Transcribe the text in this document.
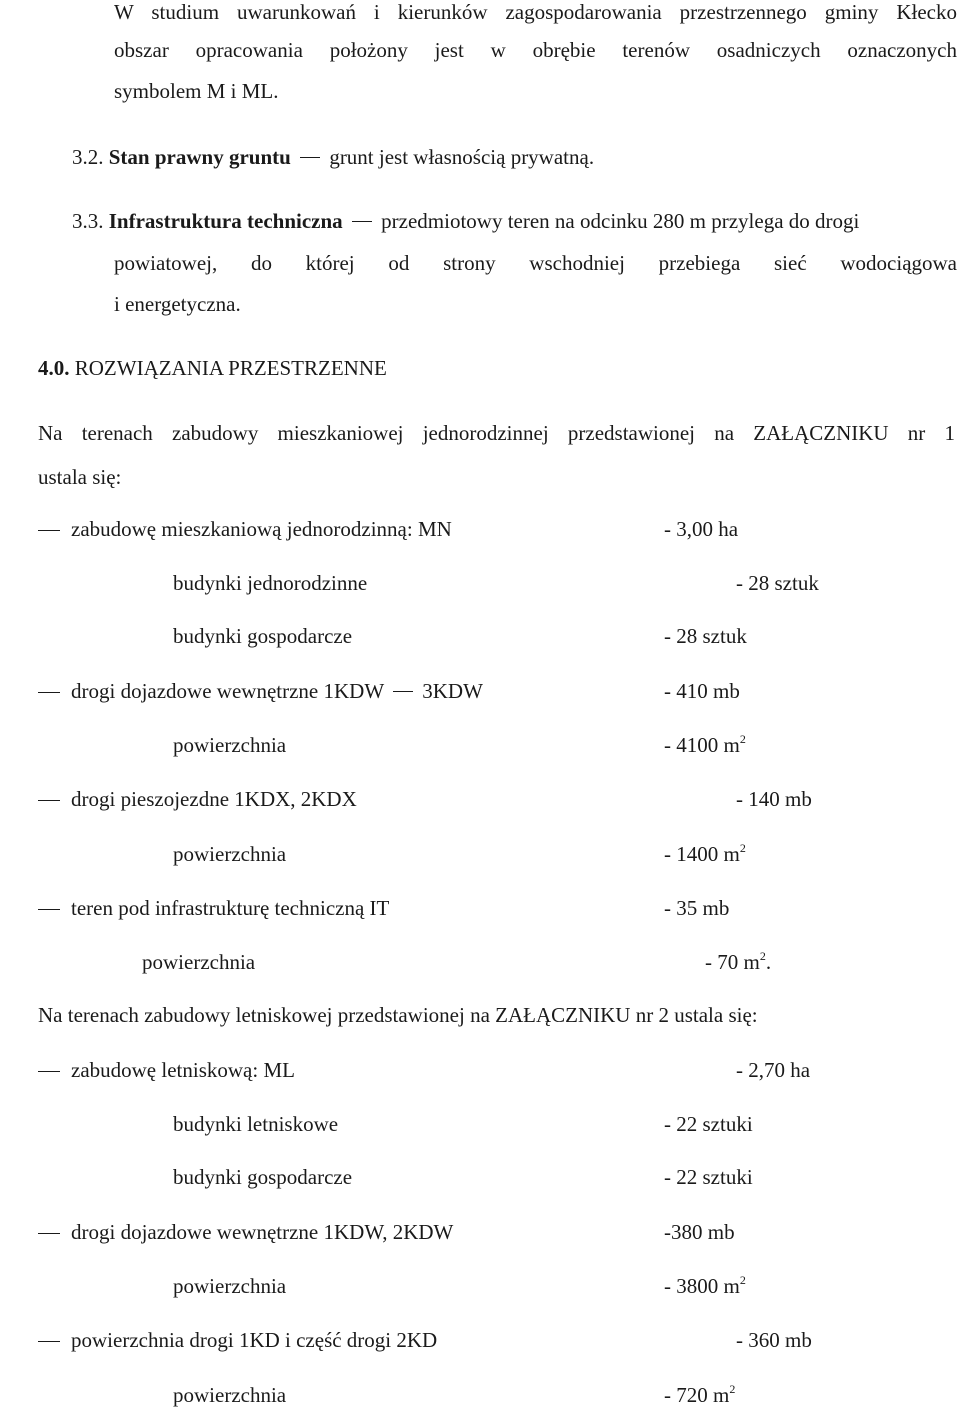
W studium uwarunkowań i kierunków zagospodarowania przestrzennego gminy Kłecko
obszar opracowania położony jest w obrębie terenów osadniczych oznaczonych
symbolem M i ML.
3.2. Stan prawny gruntu grunt jest własnością prywatną.
3.3. Infrastruktura techniczna przedmiotowy teren na odcinku 280 m przylega do drogi
powiatowej, do której od strony wschodniej przebiega sieć wodociągowa
i energetyczna.
4.0. ROZWIĄZANIA PRZESTRZENNE
Na terenach zabudowy mieszkaniowej jednorodzinnej przedstawionej na ZAŁĄCZNIKU nr 1
ustala się:
zabudowę mieszkaniową jednorodzinną: MN	- 3,00 ha
budynki jednorodzinne	- 28 sztuk
budynki gospodarcze	- 28 sztuk
drogi dojazdowe wewnętrzne 1KDW 3KDW	- 410 mb
powierzchnia	- 4100 $m^2$
drogi pieszojezdne 1KDX, 2KDX	- 140 mb
powierzchnia	- 1400 $m^2$
teren pod infrastrukturę techniczną IT	- 35 mb
powierzchnia	- 70 $m^2$.
Na terenach zabudowy letniskowej przedstawionej na ZAŁĄCZNIKU nr 2 ustala się:
zabudowę letniskową: ML	- 2,70 ha
budynki letniskowe	- 22 sztuki
budynki gospodarcze	- 22 sztuki
drogi dojazdowe wewnętrzne 1KDW, 2KDW	-380 mb
powierzchnia	- 3800 $m^2$
powierzchnia drogi 1KD i część drogi 2KD	- 360 mb
powierzchnia	- 720 $m^2$
